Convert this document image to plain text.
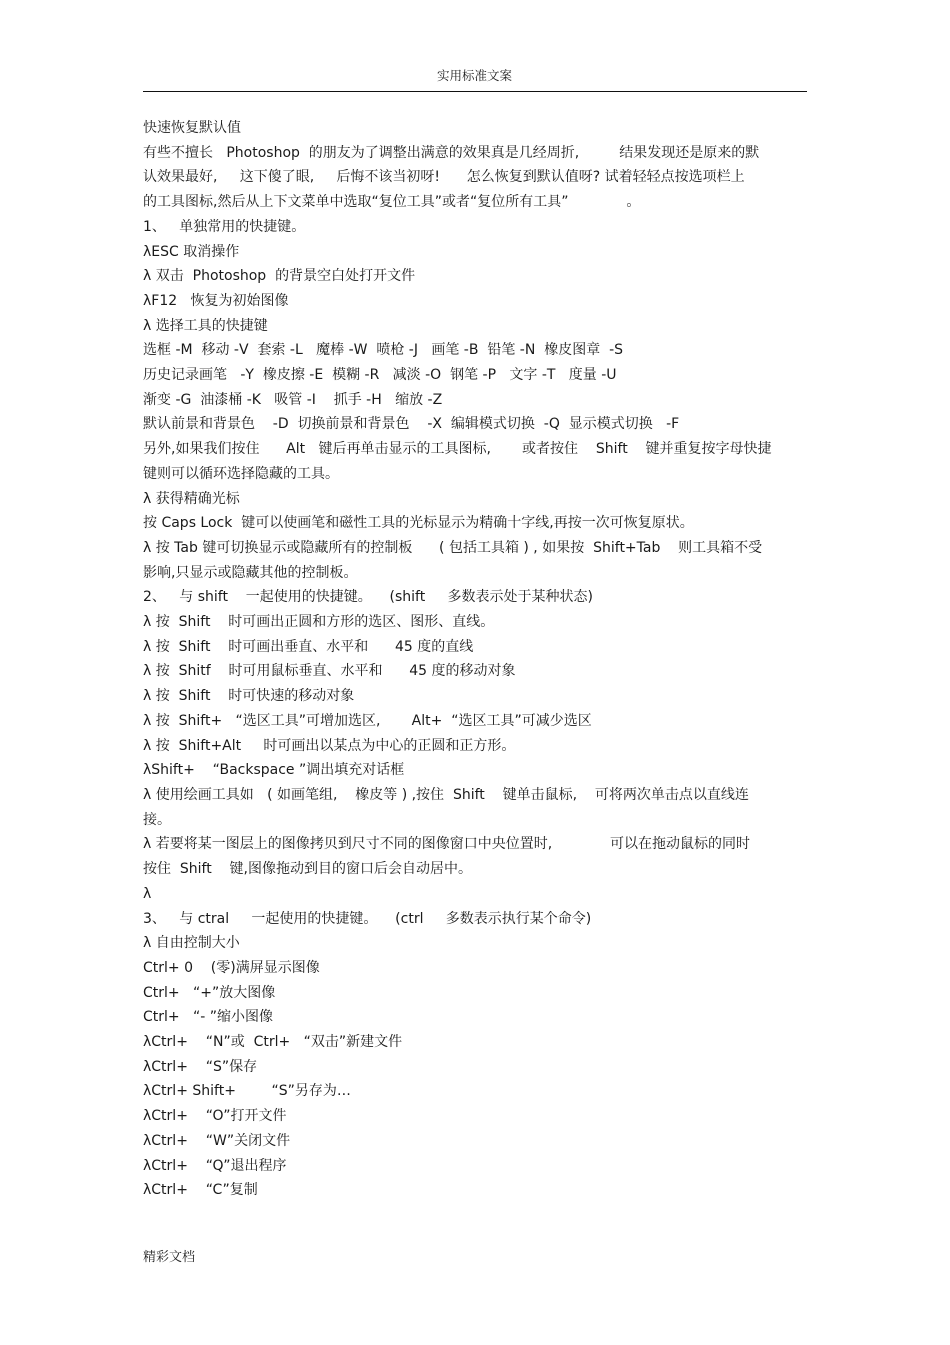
实用标准文案
快速恢复默认值
有些不擅长   Photoshop  的朋友为了调整出满意的效果真是几经周折,         结果发现还是原来的默
认效果最好,     这下傻了眼,     后悔不该当初呀!      怎么恢复到默认值呀? 试着轻轻点按选项栏上
的工具图标,然后从上下文菜单中选取“复位工具”或者“复位所有工具”             。
1、   单独常用的快捷键。
λESC 取消操作
λ 双击  Photoshop  的背景空白处打开文件
λF12   恢复为初始图像
λ 选择工具的快捷键
选框 -M  移动 -V  套索 -L   魔棒 -W  喷枪 -J   画笔 -B  铅笔 -N  橡皮图章  -S
历史记录画笔   -Y  橡皮擦 -E  模糊 -R   减淡 -O  钢笔 -P   文字 -T   度量 -U
渐变 -G  油漆桶 -K   吸管 -I    抓手 -H   缩放 -Z
默认前景和背景色    -D  切换前景和背景色    -X  编辑模式切换  -Q  显示模式切换   -F
另外,如果我们按住      Alt   键后再单击显示的工具图标,       或者按住    Shift    键并重复按字母快捷
键则可以循环选择隐藏的工具。
λ 获得精确光标
按 Caps Lock  键可以使画笔和磁性工具的光标显示为精确十字线,再按一次可恢复原状。
λ 按 Tab 键可切换显示或隐藏所有的控制板      ( 包括工具箱 ) , 如果按  Shift+Tab    则工具箱不受
影响,只显示或隐藏其他的控制板。
2、   与 shift    一起使用的快捷键。    (shift     多数表示处于某种状态)
λ 按  Shift    时可画出正圆和方形的选区、图形、直线。
λ 按  Shift    时可画出垂直、水平和      45 度的直线
λ 按  Shitf    时可用鼠标垂直、水平和      45 度的移动对象
λ 按  Shift    时可快速的移动对象
λ 按  Shift+   “选区工具”可增加选区,       Alt+  “选区工具”可减少选区
λ 按  Shift+Alt     时可画出以某点为中心的正圆和正方形。
λShift+    “Backspace ”调出填充对话框
λ 使用绘画工具如   ( 如画笔组,    橡皮等 ) ,按住  Shift    键单击鼠标,    可将两次单击点以直线连
接。
λ 若要将某一图层上的图像拷贝到尺寸不同的图像窗口中央位置时,             可以在拖动鼠标的同时
按住  Shift    键,图像拖动到目的窗口后会自动居中。
λ
3、   与 ctral     一起使用的快捷键。    (ctrl     多数表示执行某个命令)
λ 自由控制大小
Ctrl+ 0    (零)满屏显示图像
Ctrl+   “+”放大图像
Ctrl+   “- ”缩小图像
λCtrl+    “N”或  Ctrl+   “双击”新建文件
λCtrl+    “S”保存
λCtrl+ Shift+        “S”另存为…
λCtrl+    “O”打开文件
λCtrl+    “W”关闭文件
λCtrl+    “Q”退出程序
λCtrl+    “C”复制
精彩文档
